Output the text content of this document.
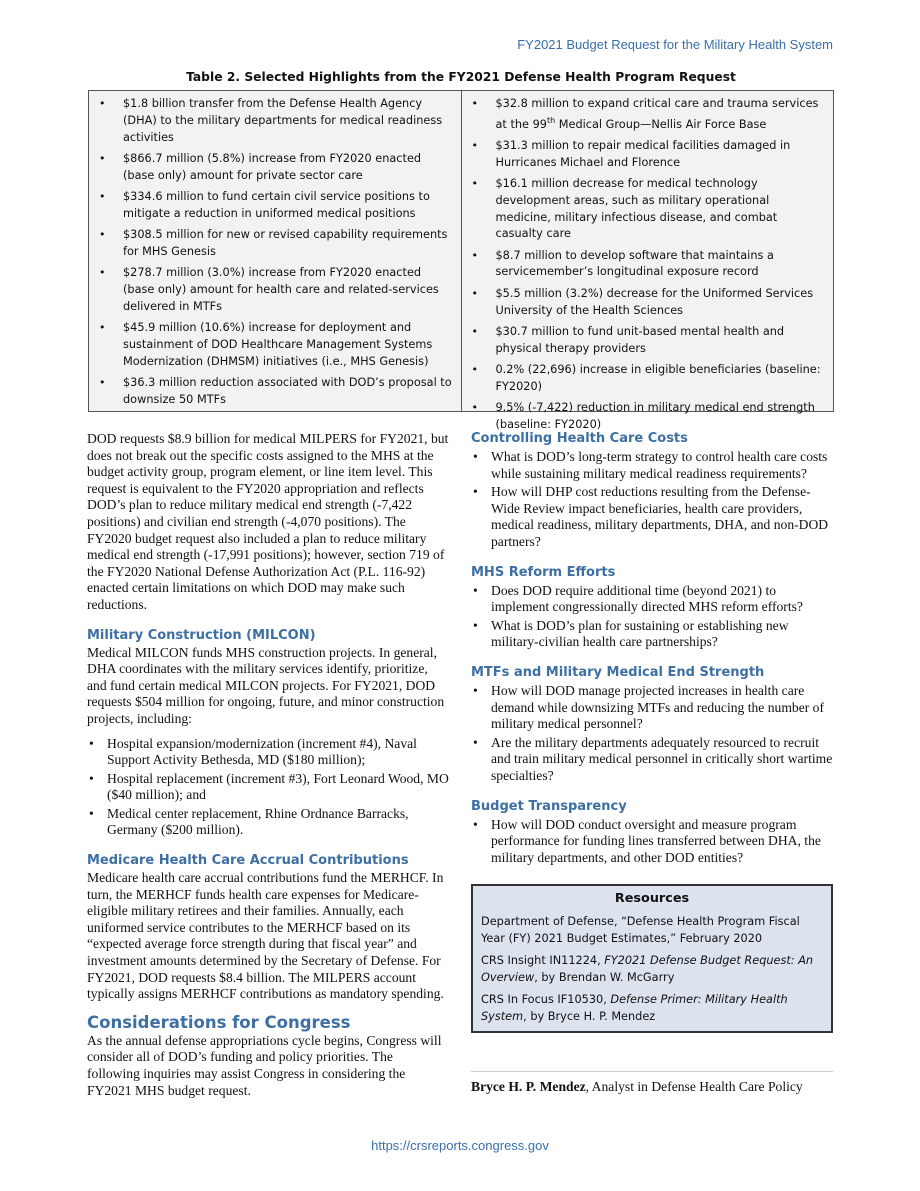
FY2021 Budget Request for the Military Health System
Table 2. Selected Highlights from the FY2021 Defense Health Program Request
• $1.8 billion transfer from the Defense Health Agency (DHA) to the military departments for medical readiness activities
• $866.7 million (5.8%) increase from FY2020 enacted (base only) amount for private sector care
• $334.6 million to fund certain civil service positions to mitigate a reduction in uniformed medical positions
• $308.5 million for new or revised capability requirements for MHS Genesis
• $278.7 million (3.0%) increase from FY2020 enacted (base only) amount for health care and related-services delivered in MTFs
• $45.9 million (10.6%) increase for deployment and sustainment of DOD Healthcare Management Systems Modernization (DHMSM) initiatives (i.e., MHS Genesis)
• $36.3 million reduction associated with DOD’s proposal to downsize 50 MTFs
• $32.8 million to expand critical care and trauma services at the 99th Medical Group—Nellis Air Force Base
• $31.3 million to repair medical facilities damaged in Hurricanes Michael and Florence
• $16.1 million decrease for medical technology development areas, such as military operational medicine, military infectious disease, and combat casualty care
• $8.7 million to develop software that maintains a servicemember’s longitudinal exposure record
• $5.5 million (3.2%) decrease for the Uniformed Services University of the Health Sciences
• $30.7 million to fund unit-based mental health and physical therapy providers
• 0.2% (22,696) increase in eligible beneficiaries (baseline: FY2020)
• 9.5% (-7,422) reduction in military medical end strength (baseline: FY2020)

DOD requests $8.9 billion for medical MILPERS for FY2021, but does not break out the specific costs assigned to the MHS at the budget activity group, program element, or line item level. This request is equivalent to the FY2020 appropriation and reflects DOD’s plan to reduce military medical end strength (-7,422 positions) and civilian end strength (-4,070 positions). The FY2020 budget request also included a plan to reduce military medical end strength (-17,991 positions); however, section 719 of the FY2020 National Defense Authorization Act (P.L. 116-92) enacted certain limitations on which DOD may make such reductions.

Military Construction (MILCON)

Medical MILCON funds MHS construction projects. In general, DHA coordinates with the military services identify, prioritize, and fund certain medical MILCON projects. For FY2021, DOD requests $504 million for ongoing, future, and minor construction projects, including:

• Hospital expansion/modernization (increment #4), Naval Support Activity Bethesda, MD ($180 million);
• Hospital replacement (increment #3), Fort Leonard Wood, MO ($40 million); and
• Medical center replacement, Rhine Ordnance Barracks, Germany ($200 million).
Medicare Health Care Accrual Contributions

Medicare health care accrual contributions fund the MERHCF. In turn, the MERHCF funds health care expenses for Medicare-eligible military retirees and their families. Annually, each uniformed service contributes to the MERHCF based on its “expected average force strength during that fiscal year” and investment amounts determined by the Secretary of Defense. For FY2021, DOD requests $8.4 billion. The MILPERS account typically assigns MERHCF contributions as mandatory spending.

Considerations for Congress

As the annual defense appropriations cycle begins, Congress will consider all of DOD’s funding and policy priorities. The following inquiries may assist Congress in considering the FY2021 MHS budget request.

Controlling Health Care Costs
• What is DOD’s long-term strategy to control health care costs while sustaining military medical readiness requirements?
• How will DHP cost reductions resulting from the Defense-Wide Review impact beneficiaries, health care providers, medical readiness, military departments, DHA, and non-DOD partners?
MHS Reform Efforts
• Does DOD require additional time (beyond 2021) to implement congressionally directed MHS reform efforts?
• What is DOD’s plan for sustaining or establishing new military-civilian health care partnerships?
MTFs and Military Medical End Strength
• How will DOD manage projected increases in health care demand while downsizing MTFs and reducing the number of military medical personnel?
• Are the military departments adequately resourced to recruit and train military medical personnel in critically short wartime specialties?
Budget Transparency
• How will DOD conduct oversight and measure program performance for funding lines transferred between DHA, the military departments, and other DOD entities?
Resources
Department of Defense, “Defense Health Program Fiscal Year (FY) 2021 Budget Estimates,” February 2020
CRS Insight IN11224, FY2021 Defense Budget Request: An Overview, by Brendan W. McGarry
CRS In Focus IF10530, Defense Primer: Military Health System, by Bryce H. P. Mendez
Bryce H. P. Mendez, Analyst in Defense Health Care Policy
https://crsreports.congress.gov
